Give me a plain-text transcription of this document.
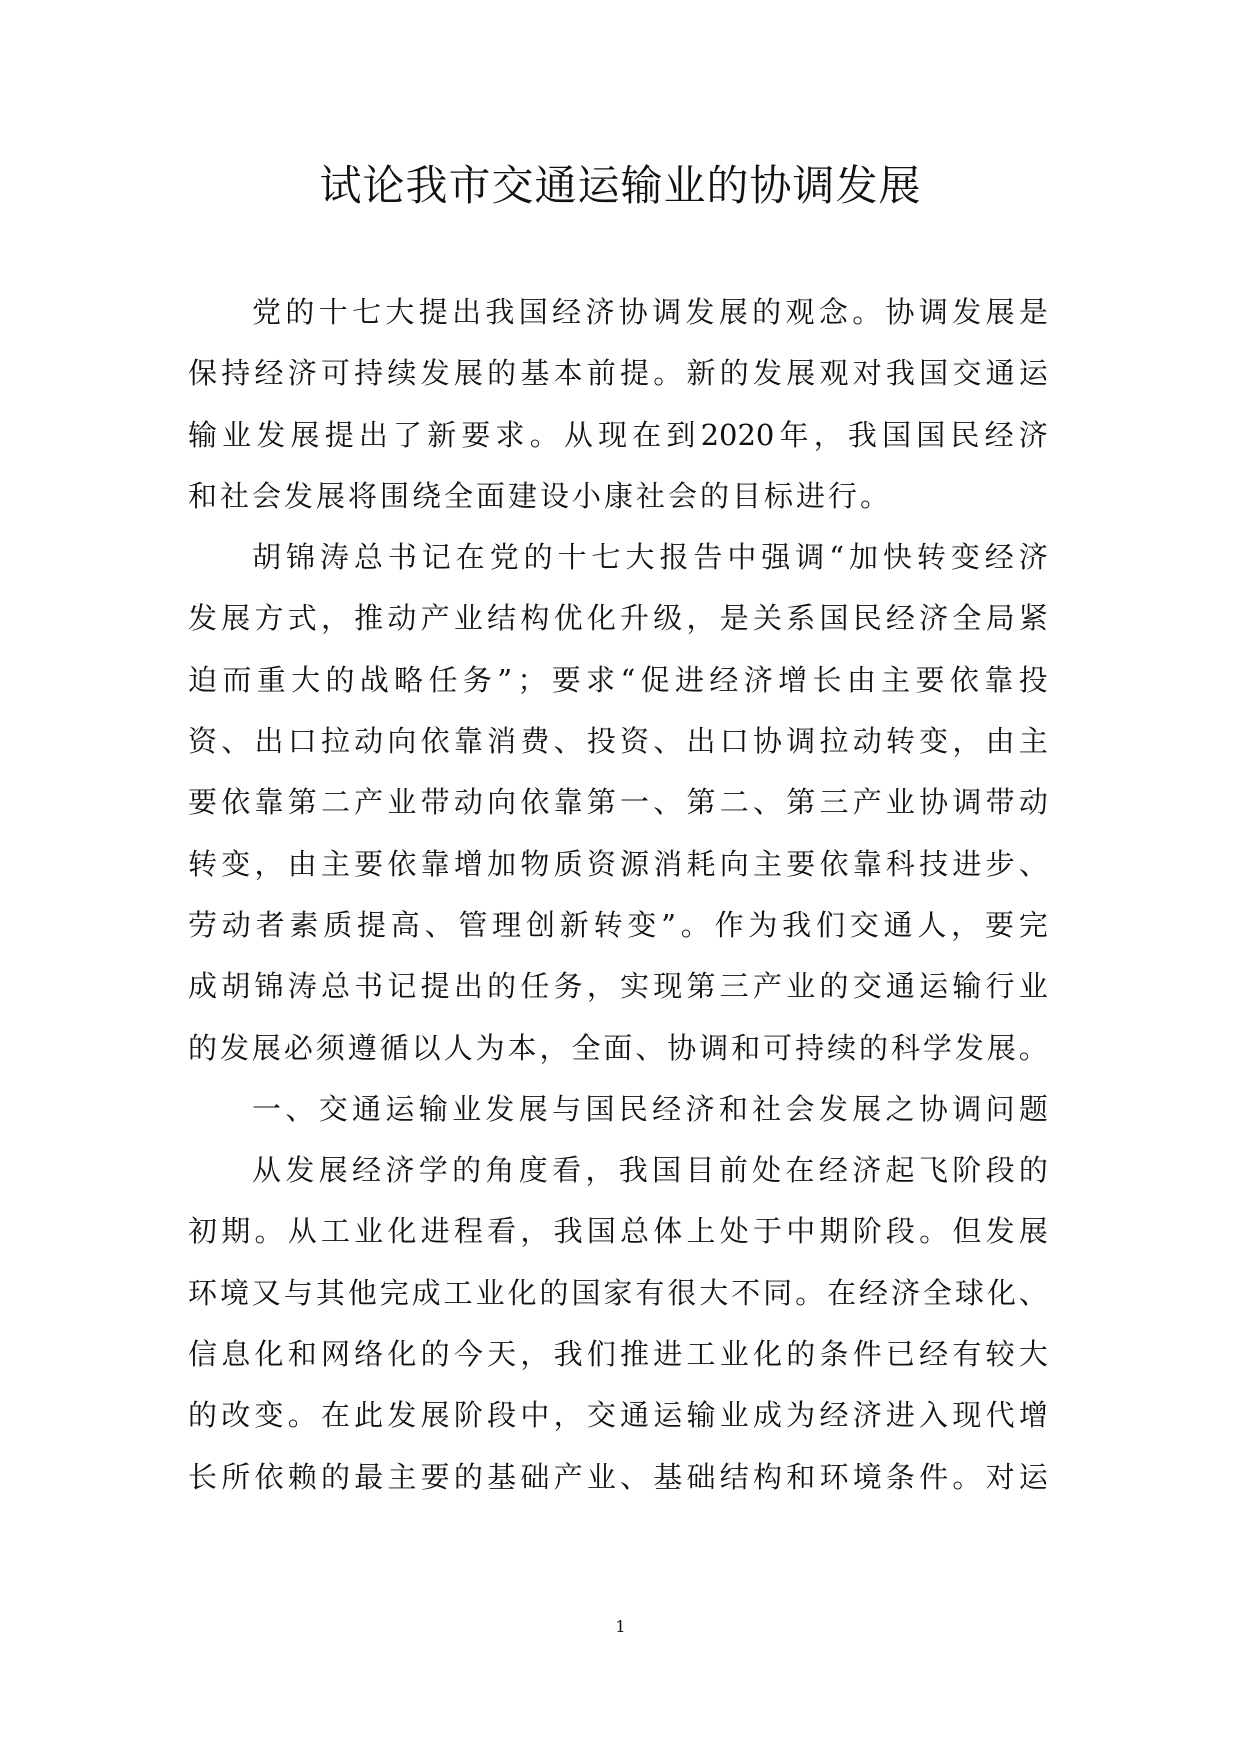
试论我市交通运输业的协调发展
党 的 十 七 大 提 出 我 国 经 济 协 调 发 展 的 观 念 。 协 调 发 展 是
保 持 经 济 可 持 续 发 展 的 基 本 前 提 。 新 的 发 展 观 对 我 国 交 通 运
输 业 发 展 提 出 了 新 要 求 。 从 现 在 到 2020 年 ， 我 国 国 民 经 济
和社会发展将围绕全面建设小康社会的目标进行。
胡 锦 涛 总 书 记 在 党 的 十 七 大 报 告 中 强 调 “ 加 快 转 变 经 济
发 展 方 式 ， 推 动 产 业 结 构 优 化 升 级 ， 是 关 系 国 民 经 济 全 局 紧
迫 而 重 大 的 战 略 任 务 ” ； 要 求 “ 促 进 经 济 增 长 由 主 要 依 靠 投
资 、 出 口 拉 动 向 依 靠 消 费 、 投 资 、 出 口 协 调 拉 动 转 变 ， 由 主
要 依 靠 第 二 产 业 带 动 向 依 靠 第 一 、 第 二 、 第 三 产 业 协 调 带 动
转 变 ， 由 主 要 依 靠 增 加 物 质 资 源 消 耗 向 主 要 依 靠 科 技 进 步 、
劳 动 者 素 质 提 高 、 管 理 创 新 转 变 ” 。 作 为 我 们 交 通 人 ， 要 完
成 胡 锦 涛 总 书 记 提 出 的 任 务 ， 实 现 第 三 产 业 的 交 通 运 输 行 业
的 发 展 必 须 遵 循 以 人 为 本 ， 全 面 、 协 调 和 可 持 续 的 科 学 发 展 。
一 、 交 通 运 输 业 发 展 与 国 民 经 济 和 社 会 发 展 之 协 调 问 题
从 发 展 经 济 学 的 角 度 看 ， 我 国 目 前 处 在 经 济 起 飞 阶 段 的
初 期 。 从 工 业 化 进 程 看 ， 我 国 总 体 上 处 于 中 期 阶 段 。 但 发 展
环 境 又 与 其 他 完 成 工 业 化 的 国 家 有 很 大 不 同 。 在 经 济 全 球 化 、
信 息 化 和 网 络 化 的 今 天 ， 我 们 推 进 工 业 化 的 条 件 已 经 有 较 大
的 改 变 。 在 此 发 展 阶 段 中 ， 交 通 运 输 业 成 为 经 济 进 入 现 代 增
长 所 依 赖 的 最 主 要 的 基 础 产 业 、 基 础 结 构 和 环 境 条 件 。 对 运
1
